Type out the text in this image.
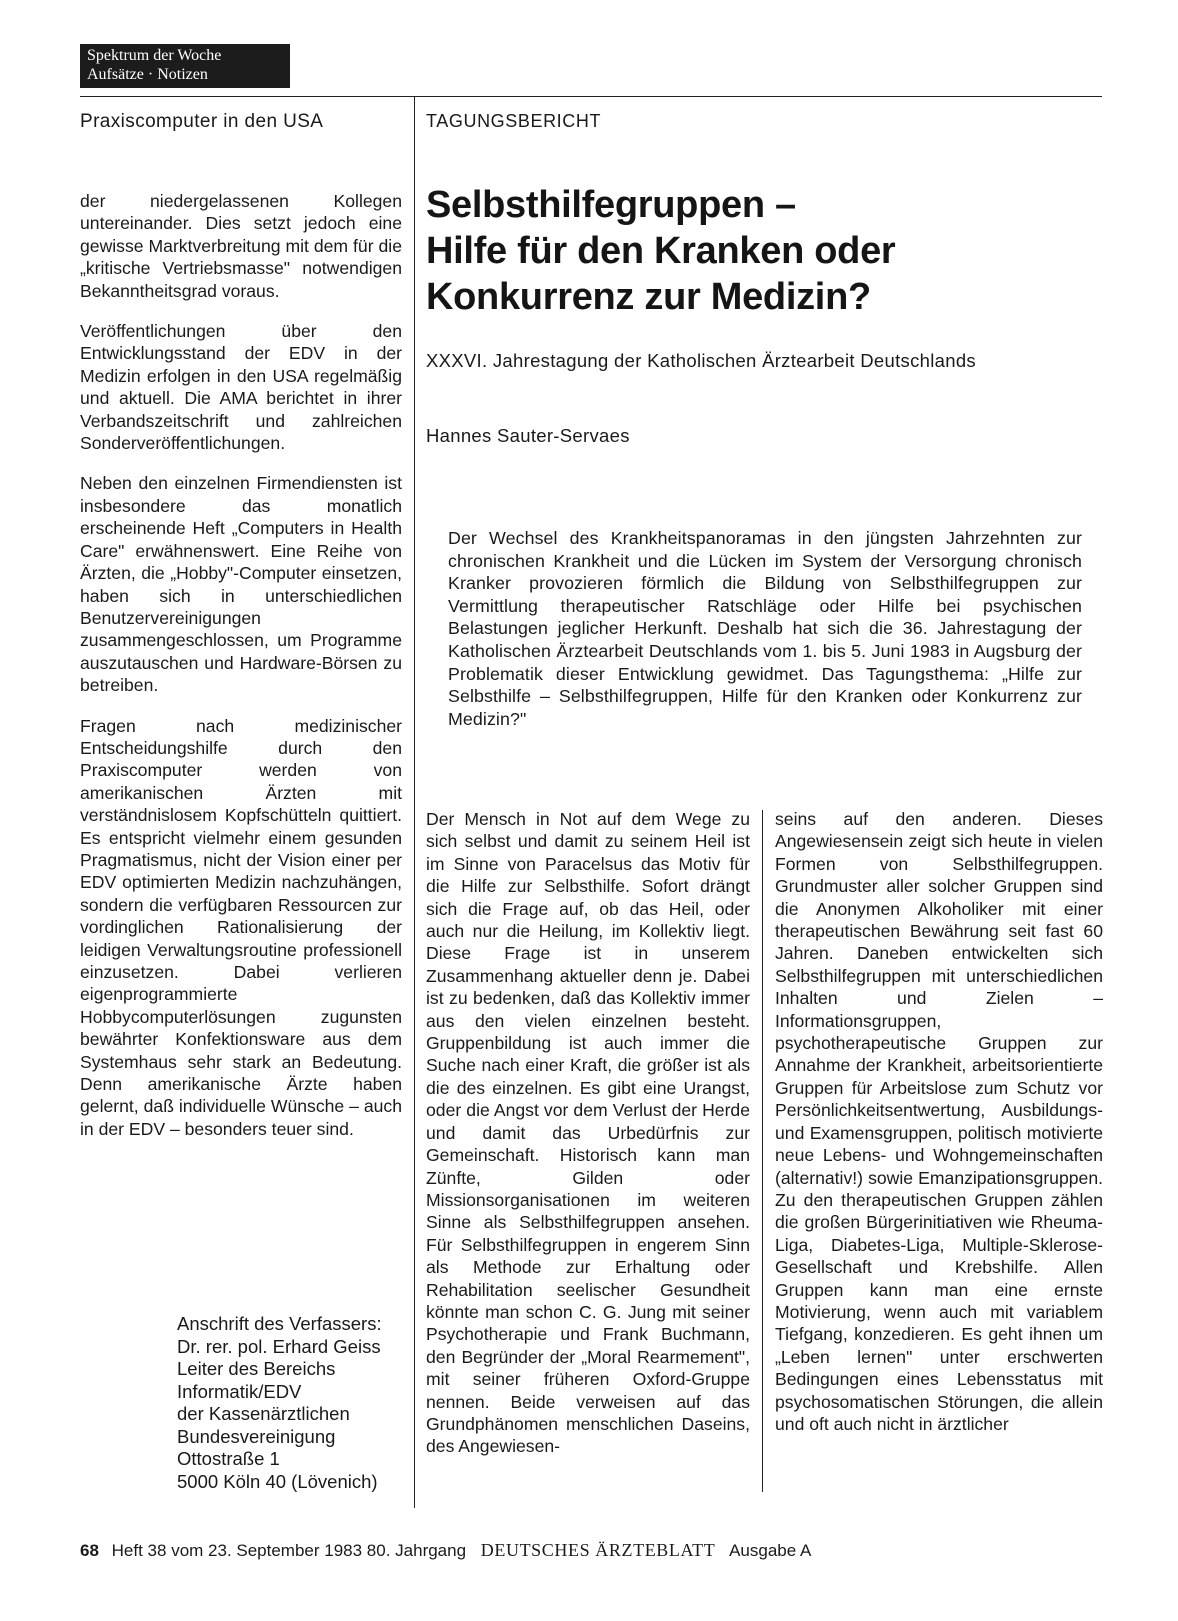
Spektrum der Woche
Aufsätze · Notizen
Praxiscomputer in den USA	TAGUNGSBERICHT

der niedergelassenen Kollegen untereinander. Dies setzt jedoch eine gewisse Marktverbreitung mit dem für die „kritische Vertriebsmasse" notwendigen Bekanntheitsgrad voraus.

Veröffentlichungen über den Entwicklungsstand der EDV in der Medizin erfolgen in den USA regelmäßig und aktuell. Die AMA berichtet in ihrer Verbandszeitschrift und zahlreichen Sonderveröffentlichungen.

Neben den einzelnen Firmendiensten ist insbesondere das monatlich erscheinende Heft „Computers in Health Care" erwähnenswert. Eine Reihe von Ärzten, die „Hobby"-Computer einsetzen, haben sich in unterschiedlichen Benutzervereinigungen zusammengeschlossen, um Programme auszutauschen und Hardware-Börsen zu betreiben.

Fragen nach medizinischer Entscheidungshilfe durch den Praxiscomputer werden von amerikanischen Ärzten mit verständnislosem Kopfschütteln quittiert. Es entspricht vielmehr einem gesunden Pragmatismus, nicht der Vision einer per EDV optimierten Medizin nachzuhängen, sondern die verfügbaren Ressourcen zur vordinglichen Rationalisierung der leidigen Verwaltungsroutine professionell einzusetzen. Dabei verlieren eigenprogrammierte Hobbycomputerlösungen zugunsten bewährter Konfektionsware aus dem Systemhaus sehr stark an Bedeutung. Denn amerikanische Ärzte haben gelernt, daß individuelle Wünsche – auch in der EDV – besonders teuer sind.

Selbsthilfegruppen –
Hilfe für den Kranken oder
Konkurrenz zur Medizin?
XXXVI. Jahrestagung der Katholischen Ärztearbeit Deutschlands
Hannes Sauter-Servaes

Der Wechsel des Krankheitspanoramas in den jüngsten Jahrzehnten zur chronischen Krankheit und die Lücken im System der Versorgung chronisch Kranker provozieren förmlich die Bildung von Selbsthilfegruppen zur Vermittlung therapeutischer Ratschläge oder Hilfe bei psychischen Belastungen jeglicher Herkunft. Deshalb hat sich die 36. Jahrestagung der Katholischen Ärztearbeit Deutschlands vom 1. bis 5. Juni 1983 in Augsburg der Problematik dieser Entwicklung gewidmet. Das Tagungsthema: „Hilfe zur Selbsthilfe – Selbsthilfegruppen, Hilfe für den Kranken oder Konkurrenz zur Medizin?"

Der Mensch in Not auf dem Wege zu sich selbst und damit zu seinem Heil ist im Sinne von Paracelsus das Motiv für die Hilfe zur Selbsthilfe. Sofort drängt sich die Frage auf, ob das Heil, oder auch nur die Heilung, im Kollektiv liegt. Diese Frage ist in unserem Zusammenhang aktueller denn je. Dabei ist zu bedenken, daß das Kollektiv immer aus den vielen einzelnen besteht. Gruppenbildung ist auch immer die Suche nach einer Kraft, die größer ist als die des einzelnen. Es gibt eine Urangst, oder die Angst vor dem Verlust der Herde und damit das Urbedürfnis zur Gemeinschaft. Historisch kann man Zünfte, Gilden oder Missionsorganisationen im weiteren Sinne als Selbsthilfegruppen ansehen. Für Selbsthilfegruppen in engerem Sinn als Methode zur Erhaltung oder Rehabilitation seelischer Gesundheit könnte man schon C. G. Jung mit seiner Psychotherapie und Frank Buchmann, den Begründer der „Moral Rearmement", mit seiner früheren Oxford-Gruppe nennen. Beide verweisen auf das Grundphänomen menschlichen Daseins, des Angewiesen-

seins auf den anderen. Dieses Angewiesensein zeigt sich heute in vielen Formen von Selbsthilfegruppen. Grundmuster aller solcher Gruppen sind die Anonymen Alkoholiker mit einer therapeutischen Bewährung seit fast 60 Jahren. Daneben entwickelten sich Selbsthilfegruppen mit unterschiedlichen Inhalten und Zielen – Informationsgruppen, psychotherapeutische Gruppen zur Annahme der Krankheit, arbeitsorientierte Gruppen für Arbeitslose zum Schutz vor Persönlichkeitsentwertung, Ausbildungs- und Examensgruppen, politisch motivierte neue Lebens- und Wohngemeinschaften (alternativ!) sowie Emanzipationsgruppen. Zu den therapeutischen Gruppen zählen die großen Bürgerinitiativen wie Rheuma-Liga, Diabetes-Liga, Multiple-Sklerose-Gesellschaft und Krebshilfe. Allen Gruppen kann man eine ernste Motivierung, wenn auch mit variablem Tiefgang, konzedieren. Es geht ihnen um „Leben lernen" unter erschwerten Bedingungen eines Lebensstatus mit psychosomatischen Störungen, die allein und oft auch nicht in ärztlicher

Anschrift des Verfassers:
Dr. rer. pol. Erhard Geiss
Leiter des Bereichs
Informatik/EDV
der Kassenärztlichen
Bundesvereinigung
Ottostraße 1
5000 Köln 40 (Lövenich)
68 Heft 38 vom 23. September 1983 80. Jahrgang DEUTSCHES ÄRZTEBLATT Ausgabe A
